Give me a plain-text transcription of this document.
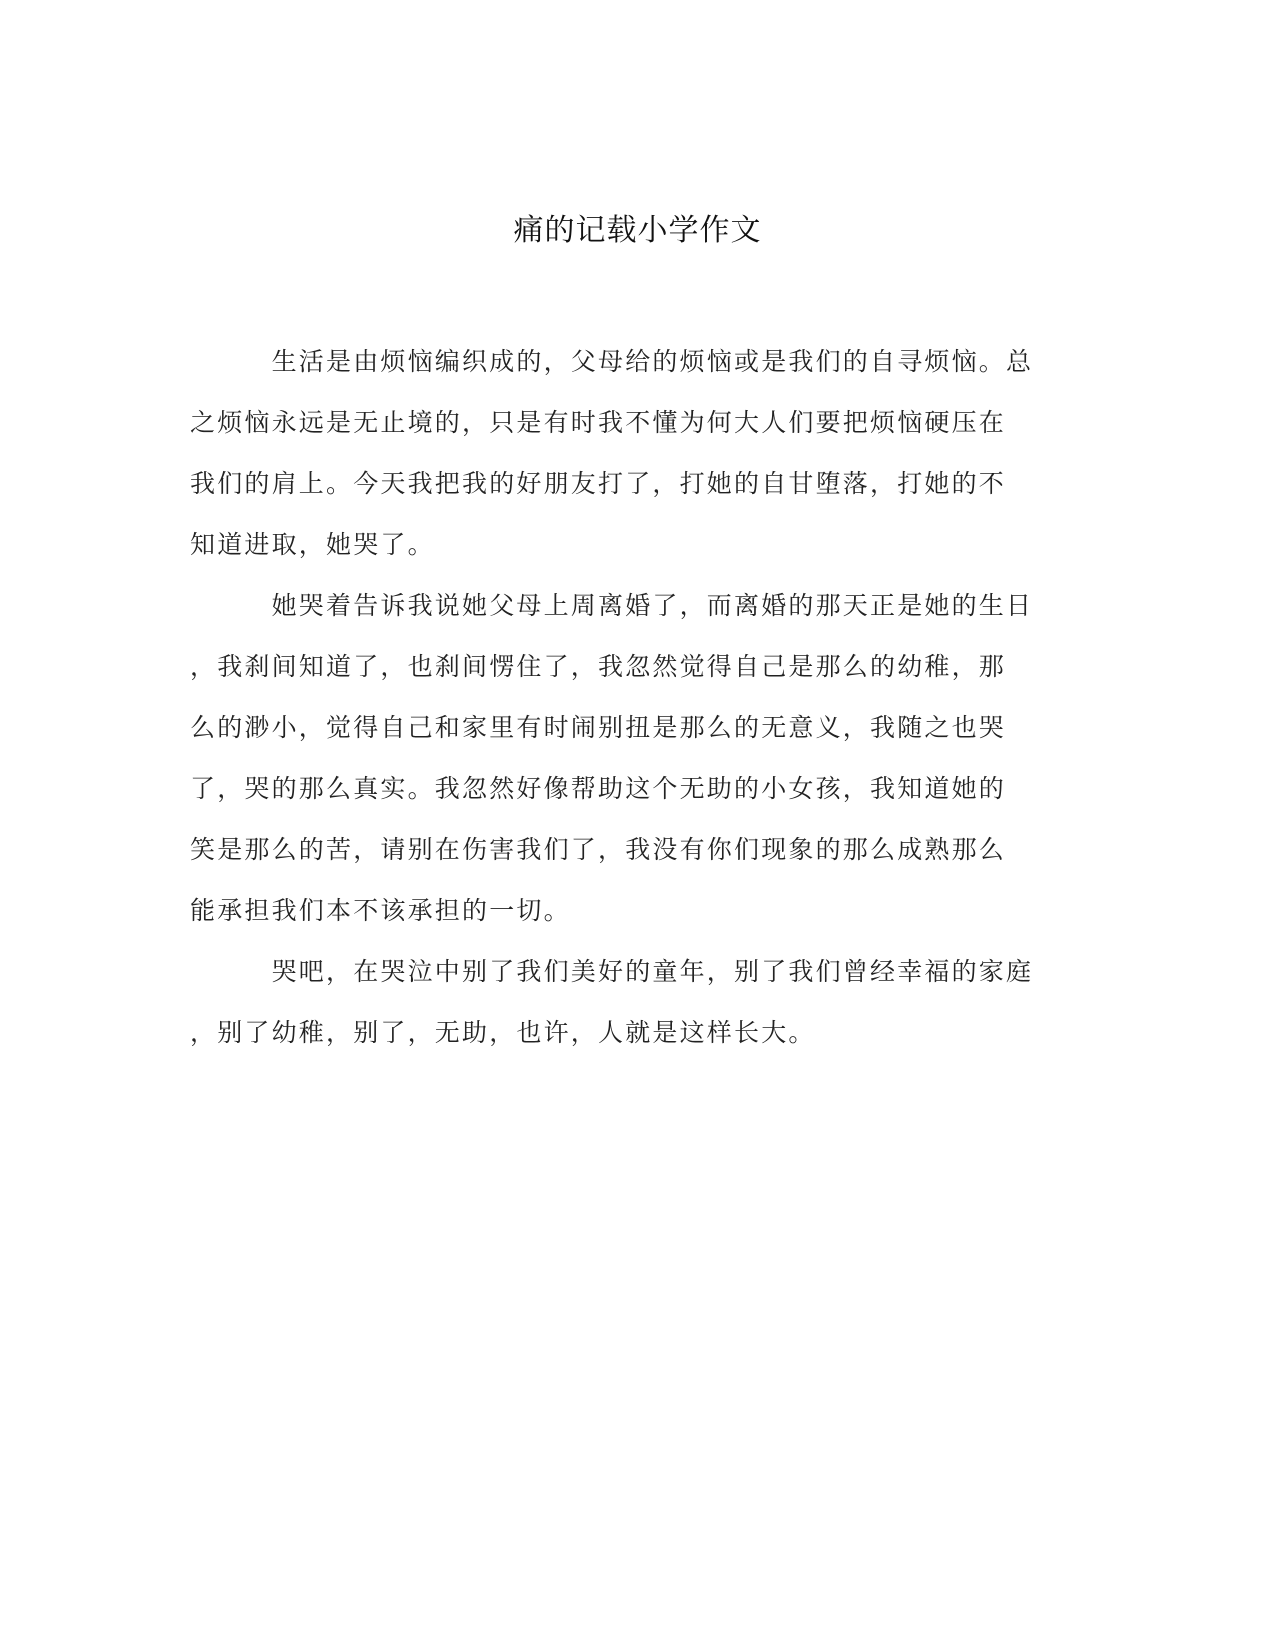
痛的记载小学作文
　　　生活是由烦恼编织成的，父母给的烦恼或是我们的自寻烦恼。总
之烦恼永远是无止境的，只是有时我不懂为何大人们要把烦恼硬压在
我们的肩上。今天我把我的好朋友打了，打她的自甘堕落，打她的不
知道进取，她哭了。
　　　她哭着告诉我说她父母上周离婚了，而离婚的那天正是她的生日
，我刹间知道了，也刹间愣住了，我忽然觉得自己是那么的幼稚，那
么的渺小，觉得自己和家里有时闹别扭是那么的无意义，我随之也哭
了，哭的那么真实。我忽然好像帮助这个无助的小女孩，我知道她的
笑是那么的苦，请别在伤害我们了，我没有你们现象的那么成熟那么
能承担我们本不该承担的一切。
　　　哭吧，在哭泣中别了我们美好的童年，别了我们曾经幸福的家庭
，别了幼稚，别了，无助，也许，人就是这样长大。
